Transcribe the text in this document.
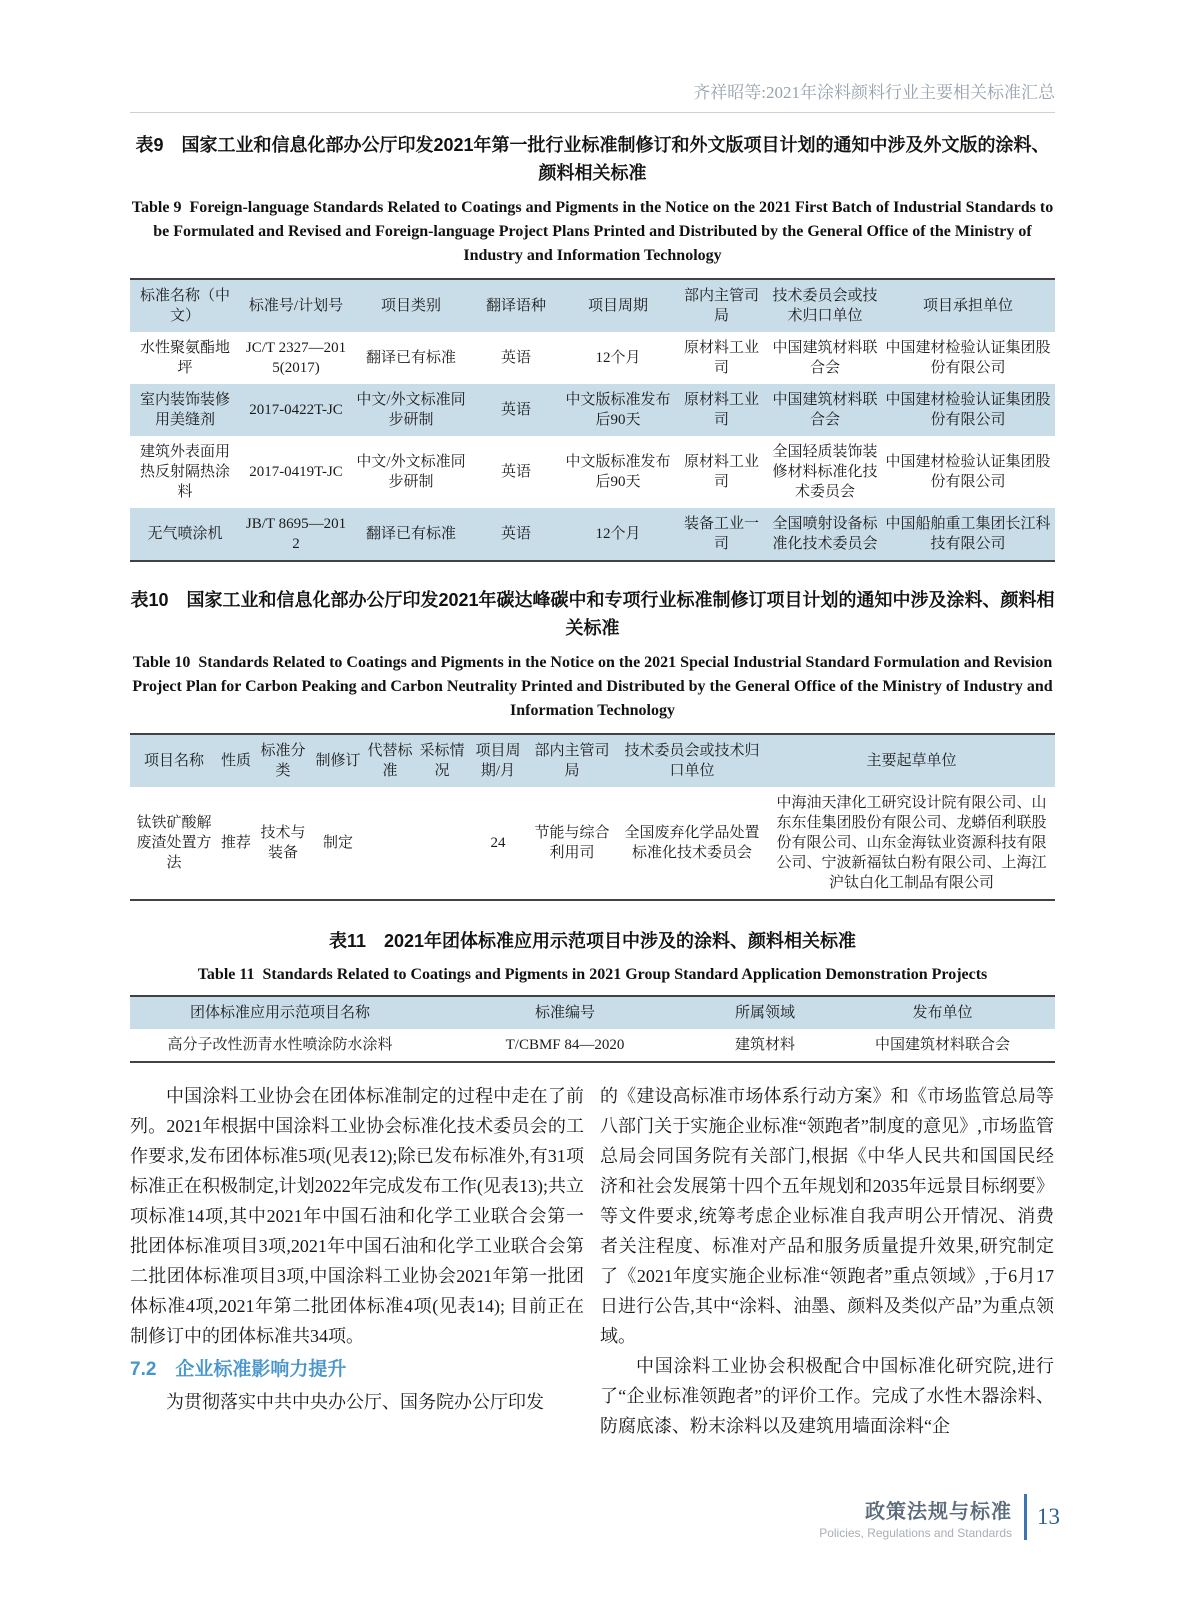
齐祥昭等:2021年涂料颜料行业主要相关标准汇总
表9　国家工业和信息化部办公厅印发2021年第一批行业标准制修订和外文版项目计划的通知中涉及外文版的涂料、颜料相关标准
Table 9  Foreign-language Standards Related to Coatings and Pigments in the Notice on the 2021 First Batch of Industrial Standards to be Formulated and Revised and Foreign-language Project Plans Printed and Distributed by the General Office of the Ministry of Industry and Information Technology
标准名称（中文）	标准号/计划号	项目类别	翻译语种	项目周期	部内主管司局	技术委员会或技术归口单位	项目承担单位
水性聚氨酯地坪	JC/T 2327—2015(2017)	翻译已有标准	英语	12个月	原材料工业司	中国建筑材料联合会	中国建材检验认证集团股份有限公司
室内装饰装修用美缝剂	2017-0422T-JC	中文/外文标准同步研制	英语	中文版标准发布后90天	原材料工业司	中国建筑材料联合会	中国建材检验认证集团股份有限公司
建筑外表面用热反射隔热涂料	2017-0419T-JC	中文/外文标准同步研制	英语	中文版标准发布后90天	原材料工业司	全国轻质装饰装修材料标准化技术委员会	中国建材检验认证集团股份有限公司
无气喷涂机	JB/T 8695—2012	翻译已有标准	英语	12个月	装备工业一司	全国喷射设备标准化技术委员会	中国船舶重工集团长江科技有限公司
表10　国家工业和信息化部办公厅印发2021年碳达峰碳中和专项行业标准制修订项目计划的通知中涉及涂料、颜料相关标准
Table 10  Standards Related to Coatings and Pigments in the Notice on the 2021 Special Industrial Standard Formulation and Revision Project Plan for Carbon Peaking and Carbon Neutrality Printed and Distributed by the General Office of the Ministry of Industry and Information Technology
项目名称	性质	标准分类	制修订	代替标准	采标情况	项目周期/月	部内主管司局	技术委员会或技术归口单位	主要起草单位
钛铁矿酸解废渣处置方法	推荐	技术与装备	制定			24	节能与综合利用司	全国废弃化学品处置标准化技术委员会	中海油天津化工研究设计院有限公司、山东东佳集团股份有限公司、龙蟒佰利联股份有限公司、山东金海钛业资源科技有限公司、宁波新福钛白粉有限公司、上海江沪钛白化工制品有限公司
表11　2021年团体标准应用示范项目中涉及的涂料、颜料相关标准
Table 11  Standards Related to Coatings and Pigments in 2021 Group Standard Application Demonstration Projects
团体标准应用示范项目名称	标准编号	所属领域	发布单位
高分子改性沥青水性喷涂防水涂料	T/CBMF 84—2020	建筑材料	中国建筑材料联合会

中国涂料工业协会在团体标准制定的过程中走在了前列。2021年根据中国涂料工业协会标准化技术委员会的工作要求,发布团体标准5项(见表12);除已发布标准外,有31项标准正在积极制定,计划2022年完成发布工作(见表13);共立项标准14项,其中2021年中国石油和化学工业联合会第一批团体标准项目3项,2021年中国石油和化学工业联合会第二批团体标准项目3项,中国涂料工业协会2021年第一批团体标准4项,2021年第二批团体标准4项(见表14); 目前正在制修订中的团体标准共34项。

7.2　企业标准影响力提升

为贯彻落实中共中央办公厅、国务院办公厅印发

的《建设高标准市场体系行动方案》和《市场监管总局等八部门关于实施企业标准“领跑者”制度的意见》,市场监管总局会同国务院有关部门,根据《中华人民共和国国民经济和社会发展第十四个五年规划和2035年远景目标纲要》等文件要求,统筹考虑企业标准自我声明公开情况、消费者关注程度、标准对产品和服务质量提升效果,研究制定了《2021年度实施企业标准“领跑者”重点领域》,于6月17日进行公告,其中“涂料、油墨、颜料及类似产品”为重点领域。

中国涂料工业协会积极配合中国标准化研究院,进行了“企业标准领跑者”的评价工作。完成了水性木器涂料、防腐底漆、粉末涂料以及建筑用墙面涂料“企

政策法规与标准
Policies, Regulations and Standards
13
